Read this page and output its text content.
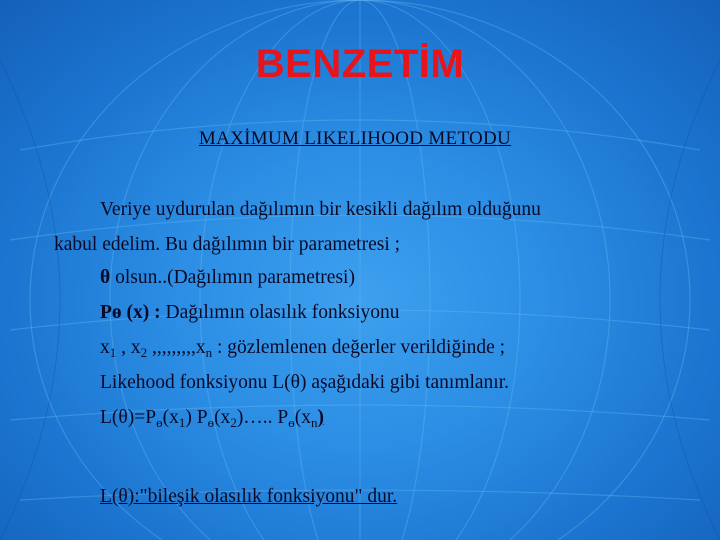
BENZETİM
MAXİMUM LIKELIHOOD METODU
Veriye uydurulan dağılımın bir kesikli dağılım olduğunu
kabul edelim. Bu dağılımın bir parametresi ;
θ olsun..(Dağılımın parametresi)
Pө (x) : Dağılımın olasılık fonksiyonu
$x_1$ , $x_2$ $,,,,,,,,,x_n$ : gözlemlenen değerler verildiğinde ;
Likehood fonksiyonu L(θ) aşağıdaki gibi tanımlanır.
$L(\theta)=P_ө(x_1)$ $P_ө(x_2)\dots$.. $P_ө(x_n)$
L(θ):"bileşik olasılık fonksiyonu" dur.
